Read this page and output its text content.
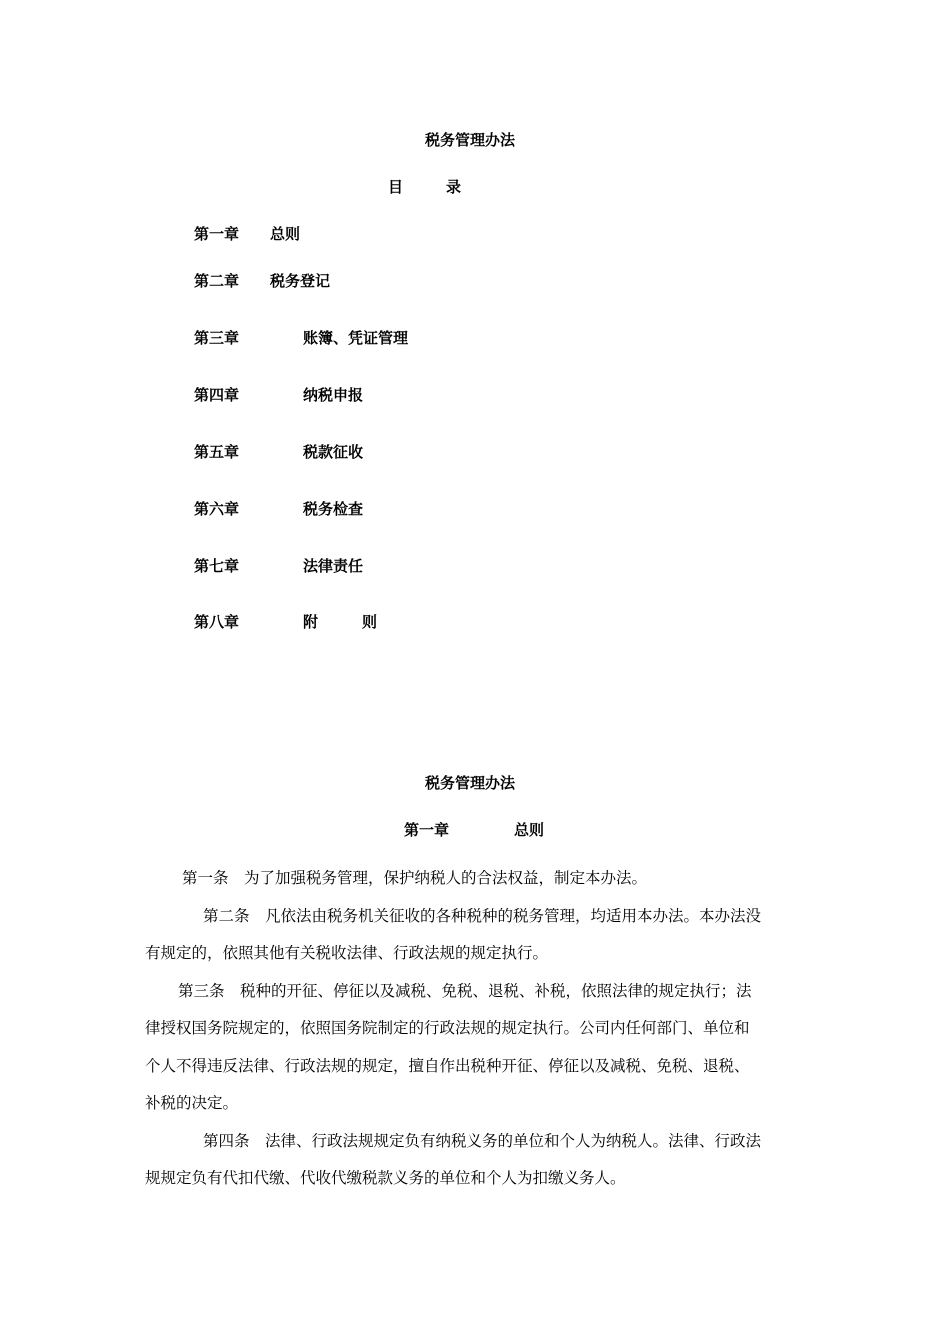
税务管理办法
目	录
第一章 总则
第二章 税务登记
第三章	账簿、凭证管理
第四章	纳税申报
第五章	税款征收
第六章	税务检查
第七章	法律责任
第八章	附	则
税务管理办法
第一章	总则
第一条　为了加强税务管理，保护纳税人的合法权益，制定本办法。
第二条　凡依法由税务机关征收的各种税种的税务管理，均适用本办法。本办法没
有规定的，依照其他有关税收法律、行政法规的规定执行。
第三条　税种的开征、停征以及减税、免税、退税、补税，依照法律的规定执行；法
律授权国务院规定的，依照国务院制定的行政法规的规定执行。公司内任何部门、单位和
个人不得违反法律、行政法规的规定，擅自作出税种开征、停征以及减税、免税、退税、
补税的决定。
第四条　法律、行政法规规定负有纳税义务的单位和个人为纳税人。法律、行政法
规规定负有代扣代缴、代收代缴税款义务的单位和个人为扣缴义务人。
